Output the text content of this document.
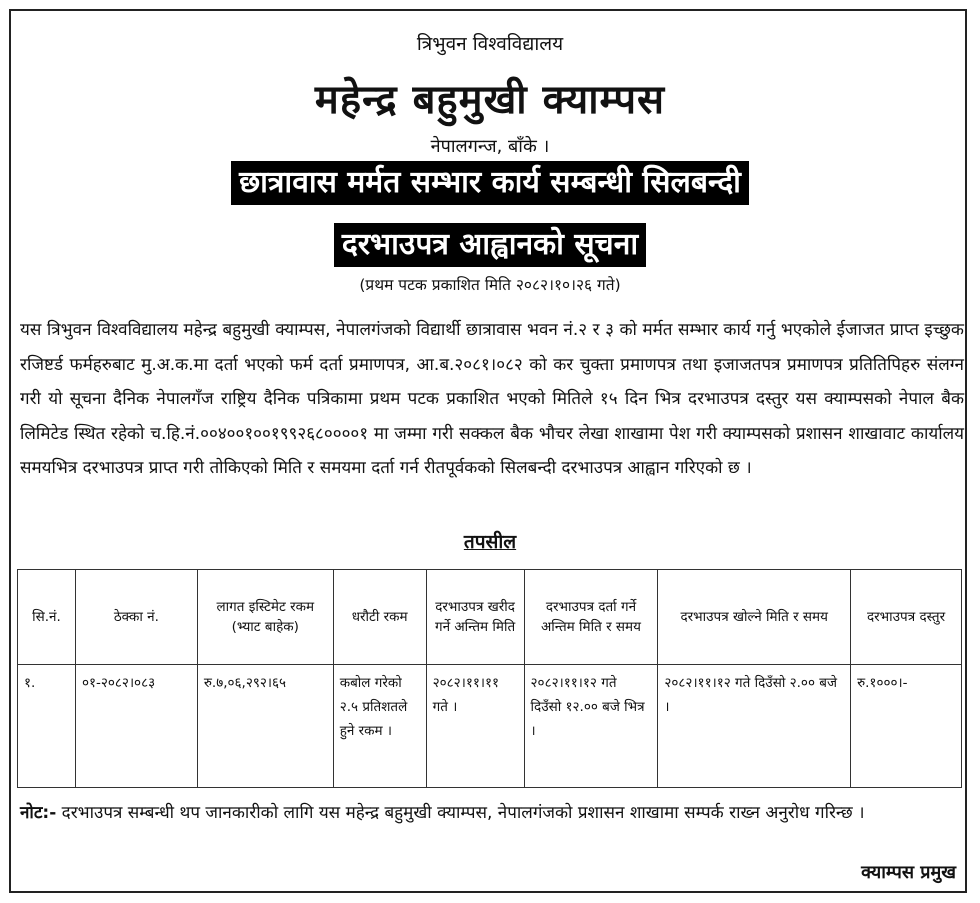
त्रिभुवन विश्वविद्यालय
महेन्द्र बहुमुखी क्याम्पस
नेपालगन्ज, बाँके ।
छात्रावास मर्मत सम्भार कार्य सम्बन्धी सिलबन्दी
दरभाउपत्र आह्वानको सूचना
(प्रथम पटक प्रकाशित मिति २०८२।१०।२६ गते)

यस त्रिभुवन विश्वविद्यालय महेन्द्र बहुमुखी क्याम्पस, नेपालगंजको विद्यार्थी छात्रावास भवन नं.२ र ३ को मर्मत सम्भार कार्य गर्नु भएकोले ईजाजत प्राप्त इच्छुक रजिष्टर्ड फर्महरुबाट मु.अ.क.मा दर्ता भएको फर्म दर्ता प्रमाणपत्र, आ.ब.२०८१।०८२ को कर चुक्ता प्रमाणपत्र तथा इजाजतपत्र प्रमाणपत्र प्रतितिपिहरु संलग्न गरी यो सूचना दैनिक नेपालगँज राष्ट्रिय दैनिक पत्रिकामा प्रथम पटक प्रकाशित भएको मितिले १५ दिन भित्र दरभाउपत्र दस्तुर यस क्याम्पसको नेपाल बैक लिमिटेड स्थित रहेको च.हि.नं.००४००१००१९९२६८००००१ मा जम्मा गरी सक्कल बैक भौचर लेखा शाखामा पेश गरी क्याम्पसको प्रशासन शाखावाट कार्यालय समयभित्र दरभाउपत्र प्राप्त गरी तोकिएको मिति र समयमा दर्ता गर्न रीतपूर्वकको सिलबन्दी दरभाउपत्र आह्वान गरिएको छ ।

तपसील
सि.नं.	ठेक्का नं.	लागत इस्टिमेट रकम (भ्याट बाहेक)	धरौटी रकम	दरभाउपत्र खरीद गर्ने अन्तिम मिति	दरभाउपत्र दर्ता गर्ने अन्तिम मिति र समय	दरभाउपत्र खोल्ने मिति र समय	दरभाउपत्र दस्तुर
१.	०१-२०८२।०८३	रु.७,०६,२९२।६५	कबोल गरेको २.५ प्रतिशतले हुने रकम ।	२०८२।११।११ गते ।	२०८२।११।१२ गते दिउँसो १२.०० बजे भित्र ।	२०८२।११।१२ गते दिउँसो २.०० बजे ।	रु.१०००।-

नोट:- दरभाउपत्र सम्बन्धी थप जानकारीको लागि यस महेन्द्र बहुमुखी क्याम्पस, नेपालगंजको प्रशासन शाखामा सम्पर्क राख्न अनुरोध गरिन्छ ।

क्याम्पस प्रमुख
